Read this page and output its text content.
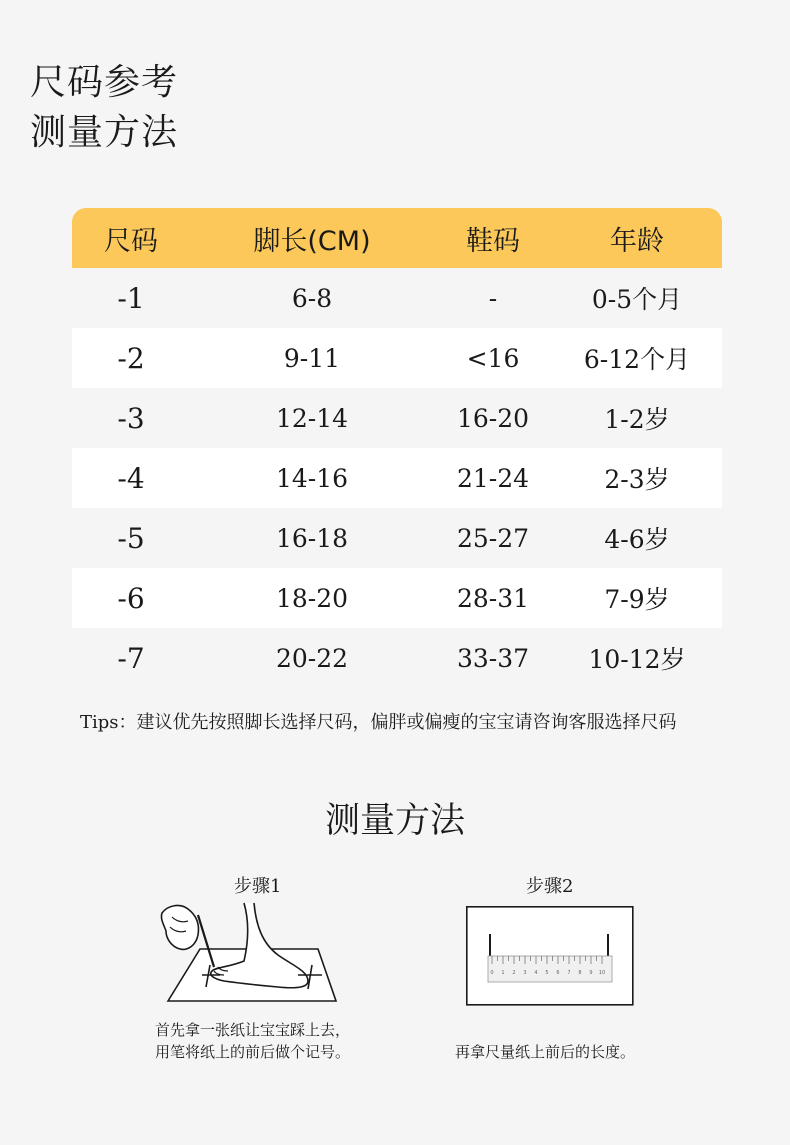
尺码参考
测量方法
尺码	脚长(CM)	鞋码	年龄
-1	6-8	-	0-5个月
-2	9-11	<16	6-12个月
-3	12-14	16-20	1-2岁
-4	14-16	21-24	2-3岁
-5	16-18	25-27	4-6岁
-6	18-20	28-31	7-9岁
-7	20-22	33-37	10-12岁
Tips：建议优先按照脚长选择尺码，偏胖或偏瘦的宝宝请咨询客服选择尺码
测量方法
步骤1
首先拿一张纸让宝宝踩上去，
用笔将纸上的前后做个记号。
步骤2
0 1 2 3 4 5 6 7 8 9 10
再拿尺量纸上前后的长度。
